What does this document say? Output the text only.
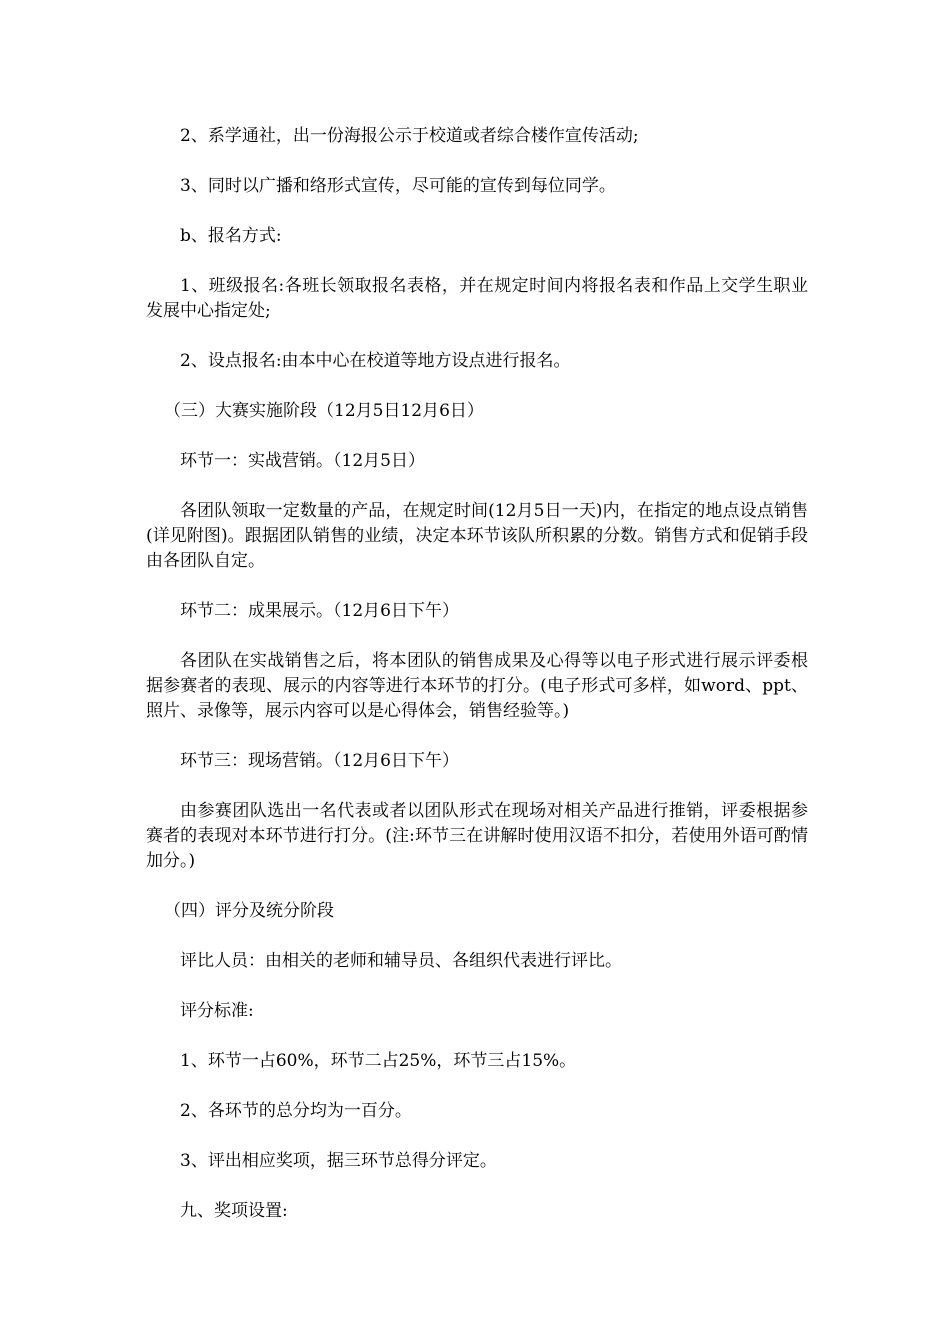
2、系学通社，出一份海报公示于校道或者综合楼作宣传活动;

3、同时以广播和络形式宣传，尽可能的宣传到每位同学。

b、报名方式:

1、班级报名:各班长领取报名表格，并在规定时间内将报名表和作品上交学生职业发展中心指定处;

2、设点报名:由本中心在校道等地方设点进行报名。

（三）大赛实施阶段（12月5日12月6日）

环节一：实战营销。（12月5日）

各团队领取一定数量的产品，在规定时间(12月5日一天)内，在指定的地点设点销售(详见附图)。跟据团队销售的业绩，决定本环节该队所积累的分数。销售方式和促销手段由各团队自定。

环节二：成果展示。（12月6日下午）

各团队在实战销售之后，将本团队的销售成果及心得等以电子形式进行展示评委根据参赛者的表现、展示的内容等进行本环节的打分。(电子形式可多样，如word、ppt、照片、录像等，展示内容可以是心得体会，销售经验等。)

环节三：现场营销。（12月6日下午）

由参赛团队选出一名代表或者以团队形式在现场对相关产品进行推销，评委根据参赛者的表现对本环节进行打分。(注:环节三在讲解时使用汉语不扣分，若使用外语可酌情加分。)

（四）评分及统分阶段

评比人员：由相关的老师和辅导员、各组织代表进行评比。

评分标准:

1、环节一占60%，环节二占25%，环节三占15%。

2、各环节的总分均为一百分。

3、评出相应奖项，据三环节总得分评定。

九、奖项设置:
